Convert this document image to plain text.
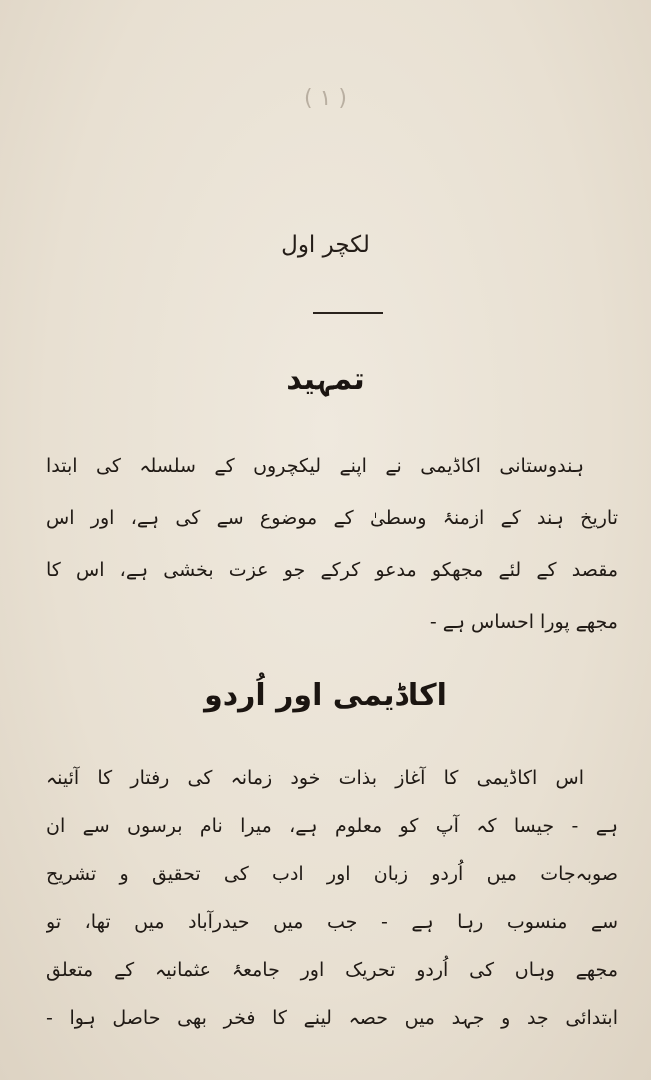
( ۱ )
لکچر اول
تمہید
ہندوستانی اکاڈیمی نے اپنے لیکچروں کے سلسلہ کی ابتدا
تاریخ ہند کے ازمنۂ وسطیٰ کے موضوع سے کی ہے، اور اس
مقصد کے لئے مجھکو مدعو کرکے جو عزت بخشی ہے، اس کا
مجھے پورا احساس ہے -
اکاڈیمی اور اُردو
اس اکاڈیمی کا آغاز بذات خود زمانہ کی رفتار کا آئینہ
ہے - جیسا کہ آپ کو معلوم ہے، میرا نام برسوں سے ان
صوبہ‌جات میں اُردو زبان اور ادب کی تحقیق و تشریح
سے منسوب رہا ہے - جب میں حیدرآباد میں تھا، تو
مجھے وہاں کی اُردو تحریک اور جامعۂ عثمانیہ کے متعلق
ابتدائی جد و جہد میں حصہ لینے کا فخر بھی حاصل ہوا -
